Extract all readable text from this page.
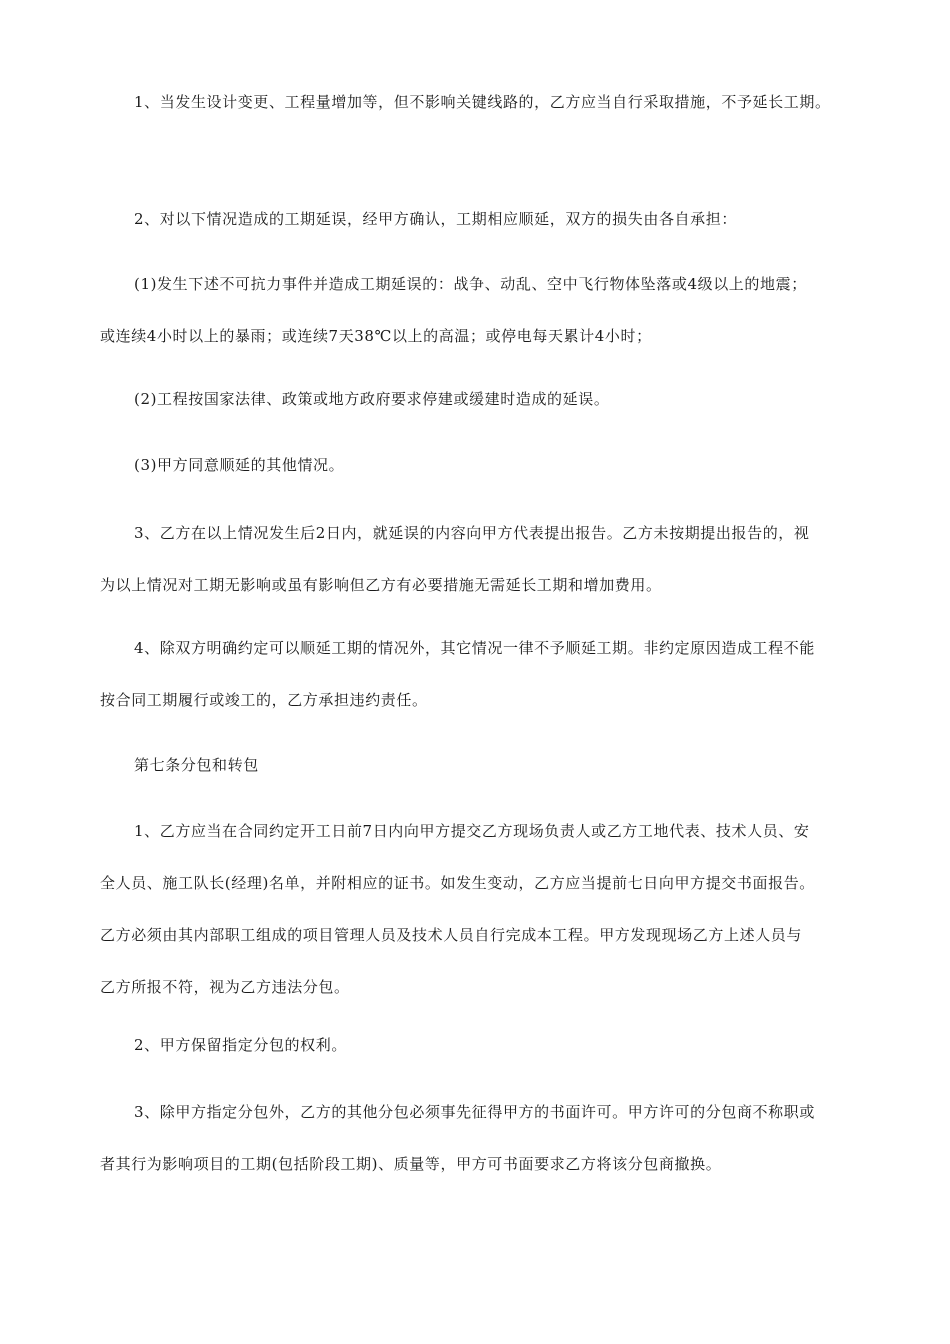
1、当发生设计变更、工程量增加等，但不影响关键线路的，乙方应当自行采取措施，不予延长工期。

2、对以下情况造成的工期延误，经甲方确认，工期相应顺延，双方的损失由各自承担：

(1)发生下述不可抗力事件并造成工期延误的：战争、动乱、空中飞行物体坠落或4级以上的地震；
或连续4小时以上的暴雨；或连续7天38℃以上的高温；或停电每天累计4小时；

(2)工程按国家法律、政策或地方政府要求停建或缓建时造成的延误。

(3)甲方同意顺延的其他情况。

3、乙方在以上情况发生后2日内，就延误的内容向甲方代表提出报告。乙方未按期提出报告的，视
为以上情况对工期无影响或虽有影响但乙方有必要措施无需延长工期和增加费用。

4、除双方明确约定可以顺延工期的情况外，其它情况一律不予顺延工期。非约定原因造成工程不能
按合同工期履行或竣工的，乙方承担违约责任。

第七条分包和转包

1、乙方应当在合同约定开工日前7日内向甲方提交乙方现场负责人或乙方工地代表、技术人员、安
全人员、施工队长(经理)名单，并附相应的证书。如发生变动，乙方应当提前七日向甲方提交书面报告。
乙方必须由其内部职工组成的项目管理人员及技术人员自行完成本工程。甲方发现现场乙方上述人员与
乙方所报不符，视为乙方违法分包。

2、甲方保留指定分包的权利。

3、除甲方指定分包外，乙方的其他分包必须事先征得甲方的书面许可。甲方许可的分包商不称职或
者其行为影响项目的工期(包括阶段工期)、质量等，甲方可书面要求乙方将该分包商撤换。
